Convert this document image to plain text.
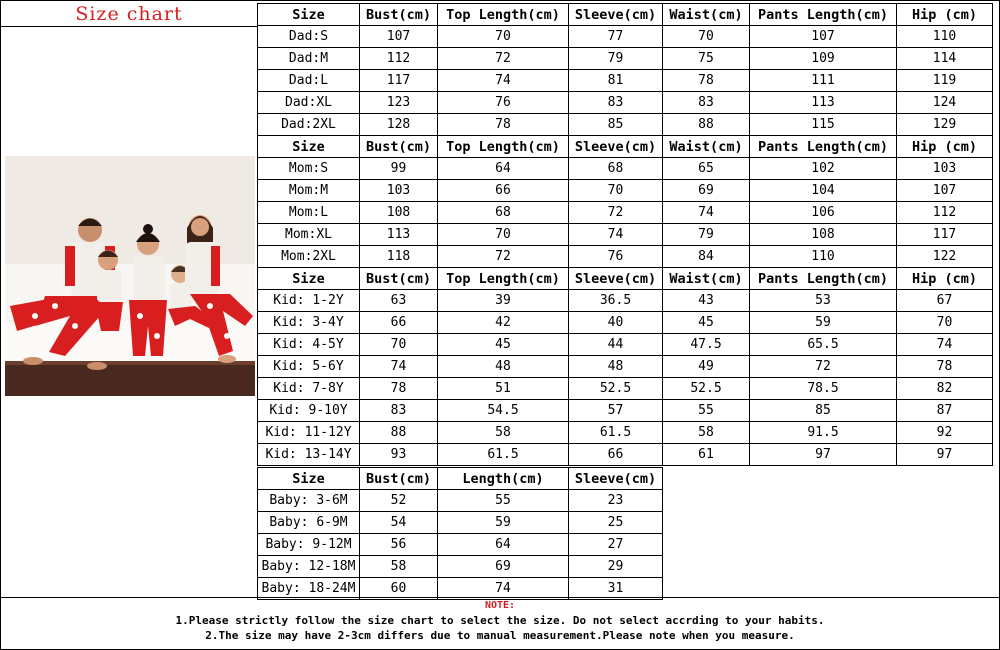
Size chart	Size	Bust(cm)	Top Length(cm)	Sleeve(cm)	Waist(cm)	Pants Length(cm)	Hip (cm)
Dad:S	107	70	77	70	107	110
Dad:M	112	72	79	75	109	114
Dad:L	117	74	81	78	111	119
Dad:XL	123	76	83	83	113	124
Dad:2XL	128	78	85	88	115	129
Size	Bust(cm)	Top Length(cm)	Sleeve(cm)	Waist(cm)	Pants Length(cm)	Hip (cm)
Mom:S	99	64	68	65	102	103
Mom:M	103	66	70	69	104	107
Mom:L	108	68	72	74	106	112
Mom:XL	113	70	74	79	108	117
Mom:2XL	118	72	76	84	110	122
Size	Bust(cm)	Top Length(cm)	Sleeve(cm)	Waist(cm)	Pants Length(cm)	Hip (cm)
Kid: 1-2Y	63	39	36.5	43	53	67
Kid: 3-4Y	66	42	40	45	59	70
Kid: 4-5Y	70	45	44	47.5	65.5	74
Kid: 5-6Y	74	48	48	49	72	78
Kid: 7-8Y	78	51	52.5	52.5	78.5	82
Kid: 9-10Y	83	54.5	57	55	85	87
Kid: 11-12Y	88	58	61.5	58	91.5	92
Kid: 13-14Y	93	61.5	66	61	97	97
Size	Bust(cm)	Length(cm)	Sleeve(cm)
Baby: 3-6M	52	55	23
Baby: 6-9M	54	59	25
Baby: 9-12M	56	64	27
Baby: 12-18M	58	69	29
Baby: 18-24M	60	74	31
NOTE:
1.Please strictly follow the size chart to select the size. Do not select accrding to your habits.
2.The size may have 2-3cm differs due to manual measurement.Please note when you measure.
